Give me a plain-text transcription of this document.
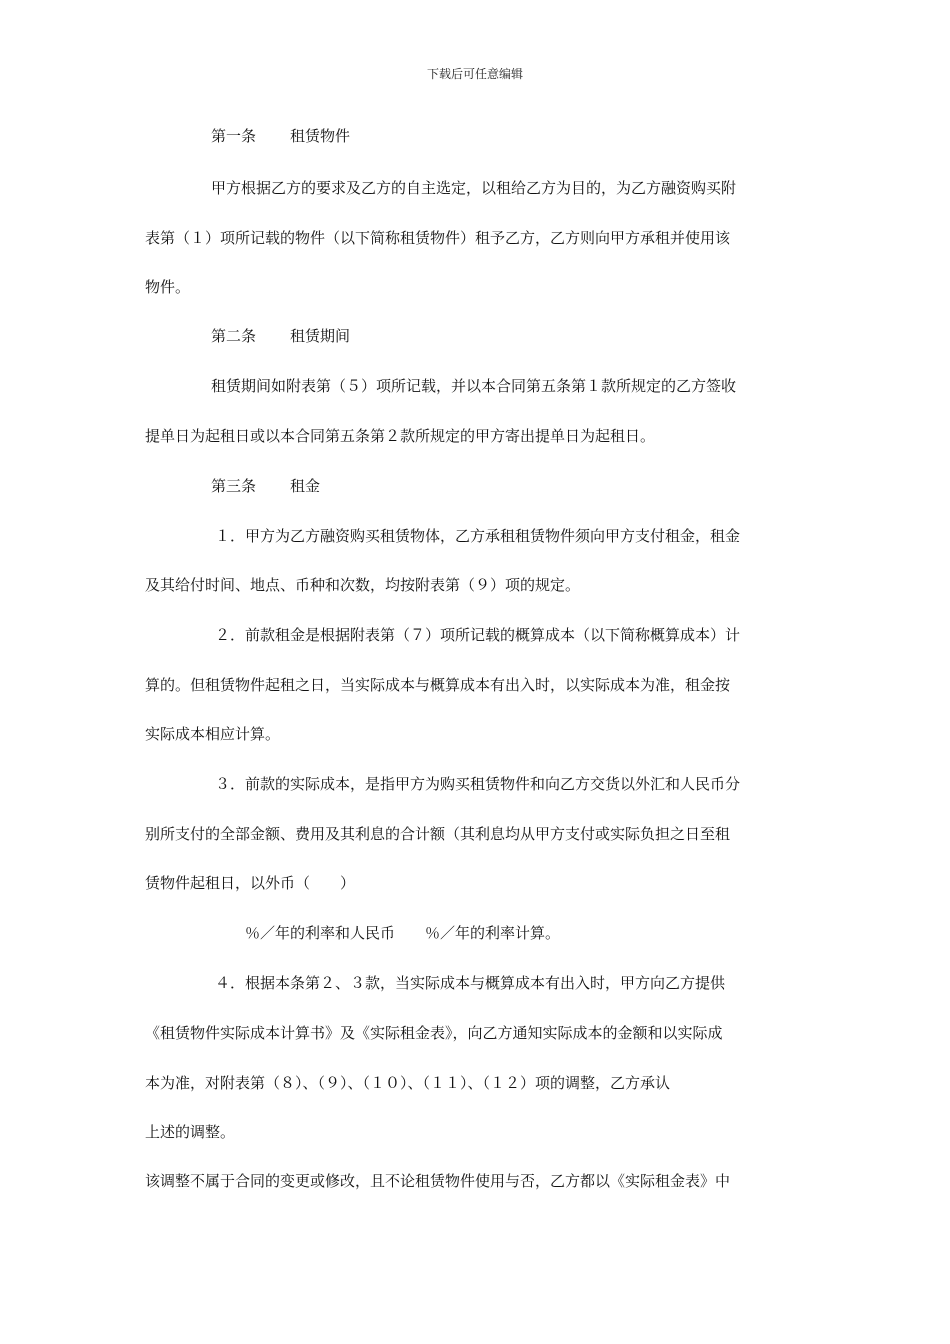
下载后可任意编辑
第一条 租赁物件
甲方根据乙方的要求及乙方的自主选定，以租给乙方为目的，为乙方融资购买附
表第（１）项所记载的物件（以下简称租赁物件）租予乙方，乙方则向甲方承租并使用该
物件。
第二条 租赁期间
租赁期间如附表第（５）项所记载，并以本合同第五条第１款所规定的乙方签收
提单日为起租日或以本合同第五条第２款所规定的甲方寄出提单日为起租日。
第三条 租金
１．甲方为乙方融资购买租赁物体，乙方承租租赁物件须向甲方支付租金，租金
及其给付时间、地点、币种和次数，均按附表第（９）项的规定。
２．前款租金是根据附表第（７）项所记载的概算成本（以下简称概算成本）计
算的。但租赁物件起租之日，当实际成本与概算成本有出入时，以实际成本为准，租金按
实际成本相应计算。
３．前款的实际成本，是指甲方为购买租赁物件和向乙方交货以外汇和人民币分
别所支付的全部金额、费用及其利息的合计额（其利息均从甲方支付或实际负担之日至租
赁物件起租日，以外币（　　）
％／年的利率和人民币　　％／年的利率计算。
４．根据本条第２、３款，当实际成本与概算成本有出入时，甲方向乙方提供
《租赁物件实际成本计算书》及《实际租金表》，向乙方通知实际成本的金额和以实际成
本为准，对附表第（８）、（９）、（１０）、（１１）、（１２）项的调整，乙方承认
上述的调整。
该调整不属于合同的变更或修改，且不论租赁物件使用与否，乙方都以《实际租金表》中
